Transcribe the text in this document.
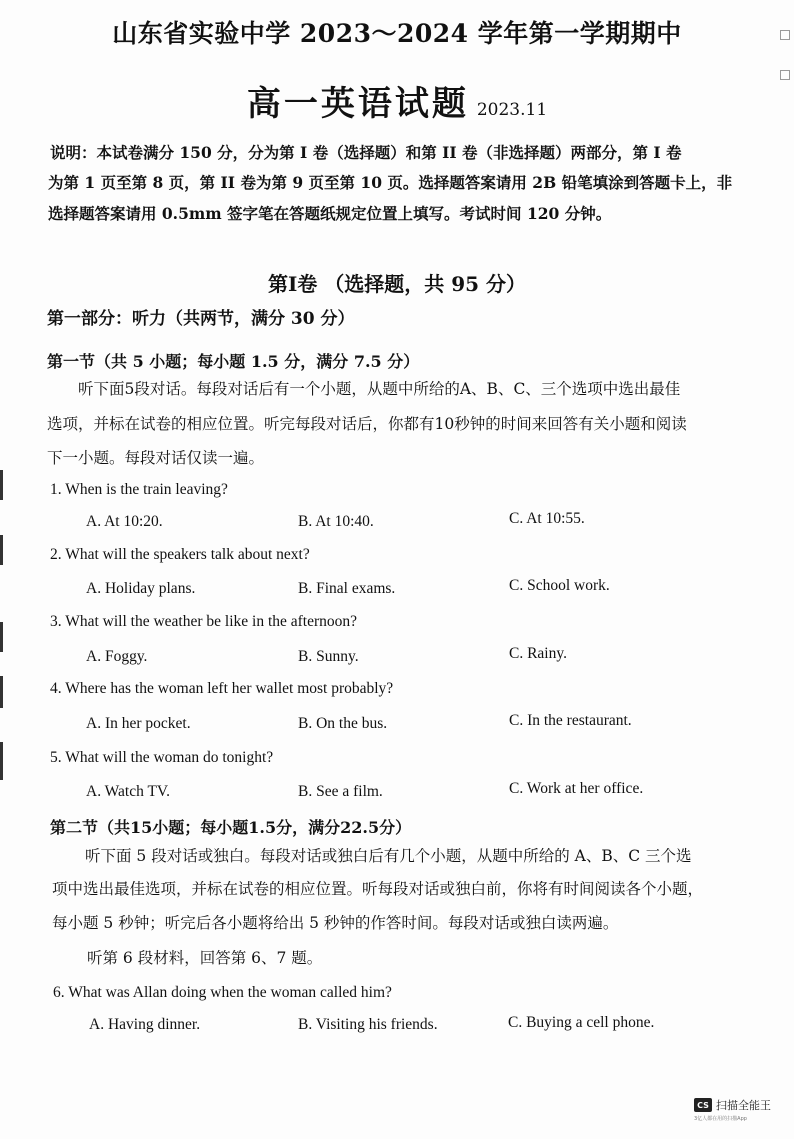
山东省实验中学 2023～2024 学年第一学期期中
高一英语试题 2023.11
说明：本试卷满分 150 分，分为第 I 卷（选择题）和第 II 卷（非选择题）两部分，第 I 卷
为第 1 页至第 8 页，第 II 卷为第 9 页至第 10 页。选择题答案请用 2B 铅笔填涂到答题卡上，非
选择题答案请用 0.5mm 签字笔在答题纸规定位置上填写。考试时间 120 分钟。
第I卷 （选择题，共 95 分）
第一部分：听力（共两节，满分 30 分）
第一节（共 5 小题；每小题 1.5 分，满分 7.5 分）
听下面5段对话。每段对话后有一个小题，从题中所给的A、B、C、三个选项中选出最佳
选项，并标在试卷的相应位置。听完每段对话后，你都有10秒钟的时间来回答有关小题和阅读
下一小题。每段对话仅读一遍。
1. When is the train leaving?
A. At 10:20.	B. At 10:40.	C. At 10:55.
2. What will the speakers talk about next?
A. Holiday plans.	B. Final exams.	C. School work.
3. What will the weather be like in the afternoon?
A. Foggy.	B. Sunny.	C. Rainy.
4. Where has the woman left her wallet most probably?
A. In her pocket.	B. On the bus.	C. In the restaurant.
5. What will the woman do tonight?
A. Watch TV.	B. See a film.	C. Work at her office.
第二节（共15小题；每小题1.5分，满分22.5分）
听下面 5 段对话或独白。每段对话或独白后有几个小题，从题中所给的 A、B、C 三个选
项中选出最佳选项，并标在试卷的相应位置。听每段对话或独白前，你将有时间阅读各个小题，
每小题 5 秒钟；听完后各小题将给出 5 秒钟的作答时间。每段对话或独白读两遍。
听第 6 段材料，回答第 6、7 题。
6. What was Allan doing when the woman called him?
A. Having dinner.	B. Visiting his friends.	C. Buying a cell phone.
CS 扫描全能王
3亿人都在用的扫描App
